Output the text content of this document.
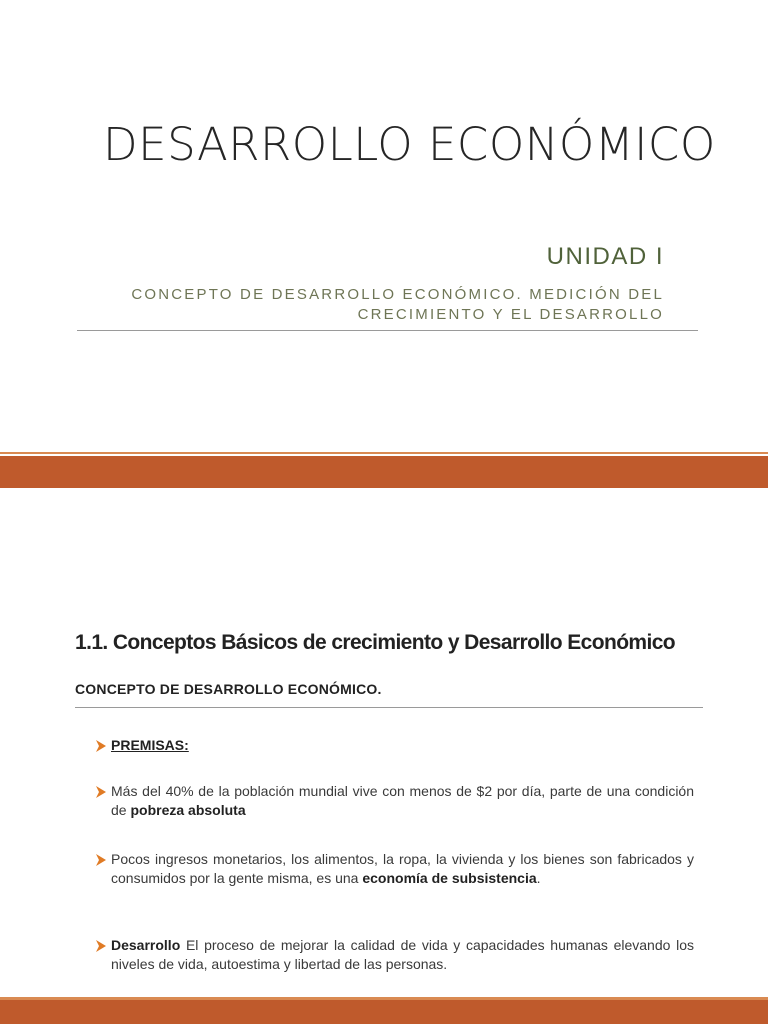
DESARROLLO ECONÓMICO
UNIDAD I
CONCEPTO DE DESARROLLO ECONÓMICO. MEDICIÓN DEL
CRECIMIENTO Y EL DESARROLLO
1.1. Conceptos Básicos de crecimiento y Desarrollo Económico
CONCEPTO DE DESARROLLO ECONÓMICO.
PREMISAS:
Más del 40% de la población mundial vive con menos de $2 por día, parte de una condición de pobreza absoluta
Pocos ingresos monetarios, los alimentos, la ropa, la vivienda y los bienes son fabricados y consumidos por la gente misma, es una economía de subsistencia.
Desarrollo El proceso de mejorar la calidad de vida y capacidades humanas elevando los niveles de vida, autoestima y libertad de las personas.
